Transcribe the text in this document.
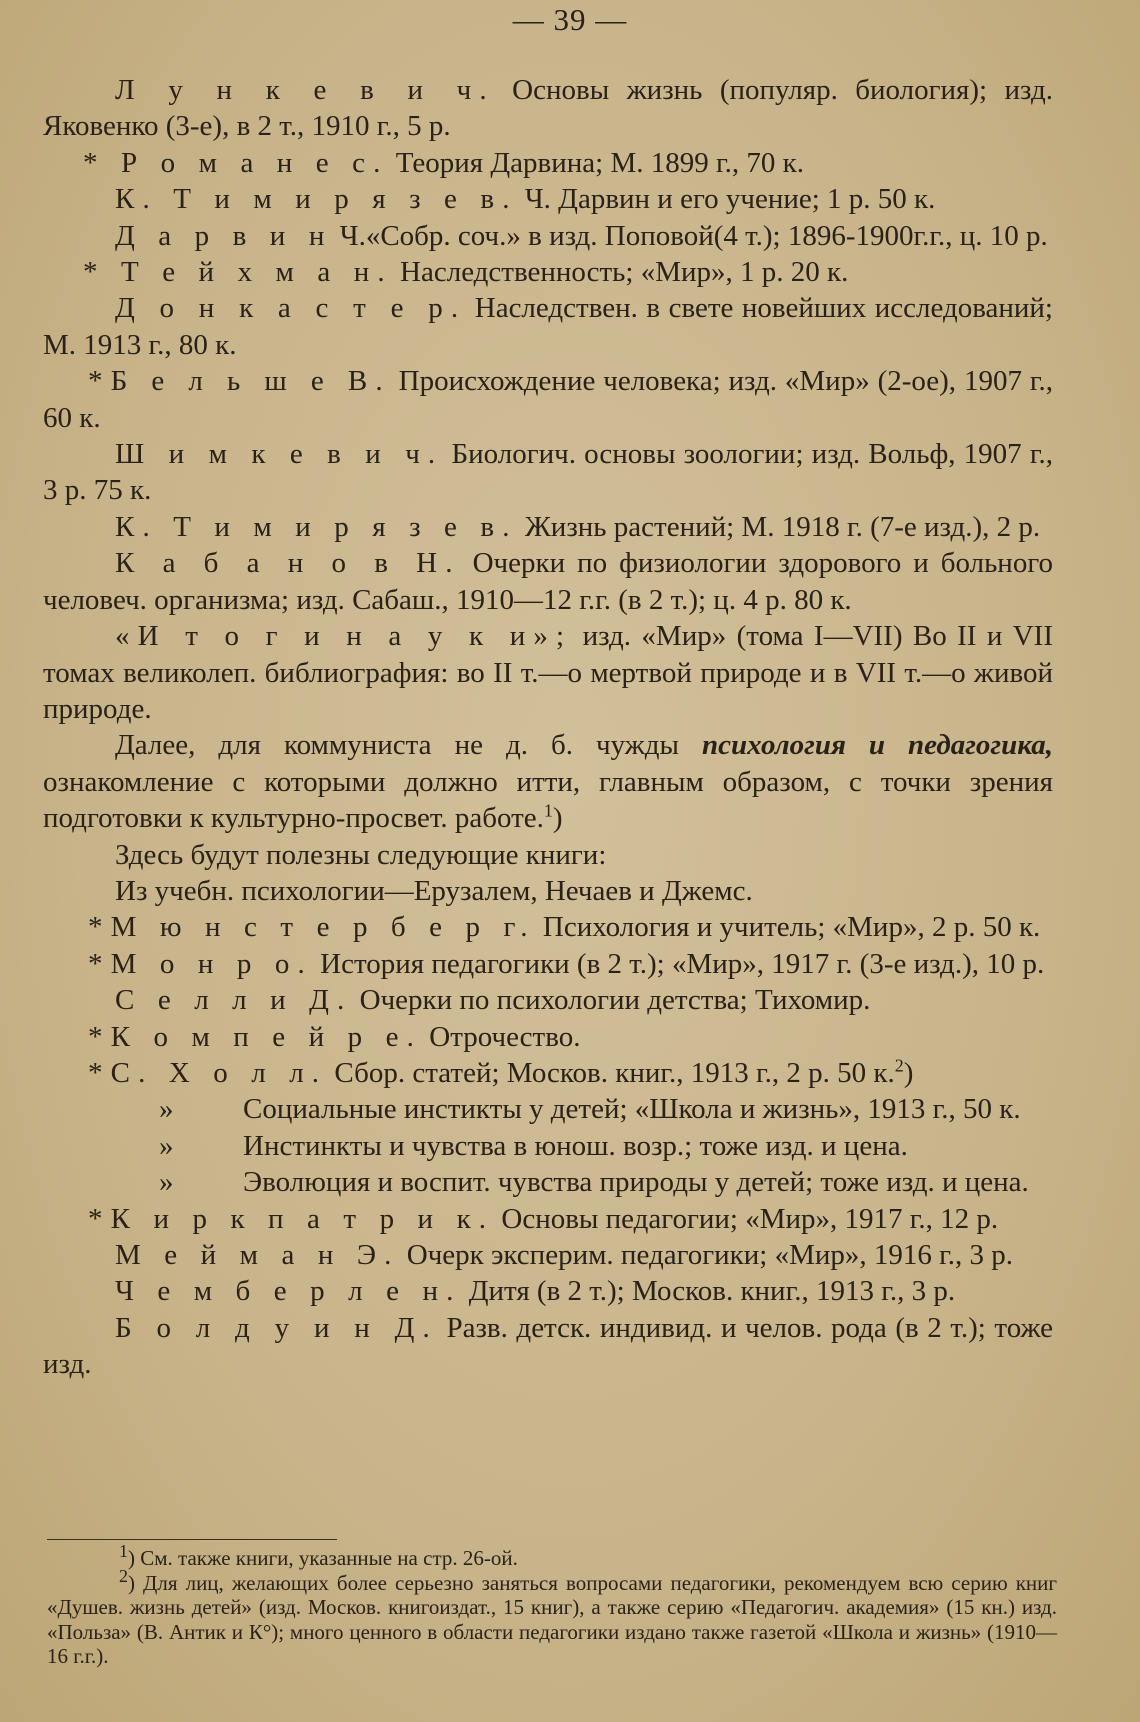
— 39 —

Л у н к е в и ч. Основы жизнь (популяр. биология); изд. Яковенко (3-е), в 2 т., 1910 г., 5 р.

* Р о м а н е с. Теория Дарвина; М. 1899 г., 70 к.

К. Т и м и р я з е в. Ч. Дарвин и его учение; 1 р. 50 к.

Д а р в и н Ч.«Собр. соч.» в изд. Поповой(4 т.); 1896-1900г.г., ц. 10 р.

* Т е й х м а н. Наследственность; «Мир», 1 р. 20 к.

Д о н к а с т е р. Наследствен. в свете новейших исследований; М. 1913 г., 80 к.

*Б е л ь ш е В. Происхождение человека; изд. «Мир» (2-ое), 1907 г., 60 к.

Ш и м к е в и ч. Биологич. основы зоологии; изд. Вольф, 1907 г., 3 р. 75 к.

К. Т и м и р я з е в. Жизнь растений; М. 1918 г. (7-е изд.), 2 р.

К а б а н о в Н. Очерки по физиологии здорового и больного человеч. организма; изд. Сабаш., 1910—12 г.г. (в 2 т.); ц. 4 р. 80 к.

«И т о г и н а у к и»; изд. «Мир» (тома I—VII) Во II и VII томах великолеп. библиография: во II т.—о мертвой природе и в VII т.—о живой природе.

Далее, для коммуниста не д. б. чужды психология и педагогика, ознакомление с которыми должно итти, главным образом, с точки зрения подготовки к культурно-просвет. работе.$^1$)

Здесь будут полезны следующие книги:

Из учебн. психологии—Ерузалем, Нечаев и Джемс.

*М ю н с т е р б е р г. Психология и учитель; «Мир», 2 р. 50 к.

*М о н р о. История педагогики (в 2 т.); «Мир», 1917 г. (3-е изд.), 10 р.

С е л л и Д. Очерки по психологии детства; Тихомир.

*К о м п е й р е. Отрочество.

*С. Х о л л. Сбор. статей; Москов. книг., 1913 г., 2 р. 50 к.$^2$)

»	Социальные инстикты у детей; «Школа и жизнь», 1913 г., 50 к.
»	Инстинкты и чувства в юнош. возр.; тоже изд. и цена.
»	Эволюция и воспит. чувства природы у детей; тоже изд. и цена.

*К и р к п а т р и к. Основы педагогии; «Мир», 1917 г., 12 р.

М е й м а н Э. Очерк эксперим. педагогики; «Мир», 1916 г., 3 р.

Ч е м б е р л е н. Дитя (в 2 т.); Москов. книг., 1913 г., 3 р.

Б о л д у и н Д. Разв. детск. индивид. и челов. рода (в 2 т.); тоже изд.

$^1$) См. также книги, указанные на стр. 26-ой.

$^2$) Для лиц, желающих более серьезно заняться вопросами педагогики, рекомендуем всю серию книг «Душев. жизнь детей» (изд. Москов. книгоиздат., 15 книг), а также серию «Педагогич. академия» (15 кн.) изд. «Польза» (В. Антик и К°); много ценного в области педагогики издано также газетой «Школа и жизнь» (1910—16 г.г.).
